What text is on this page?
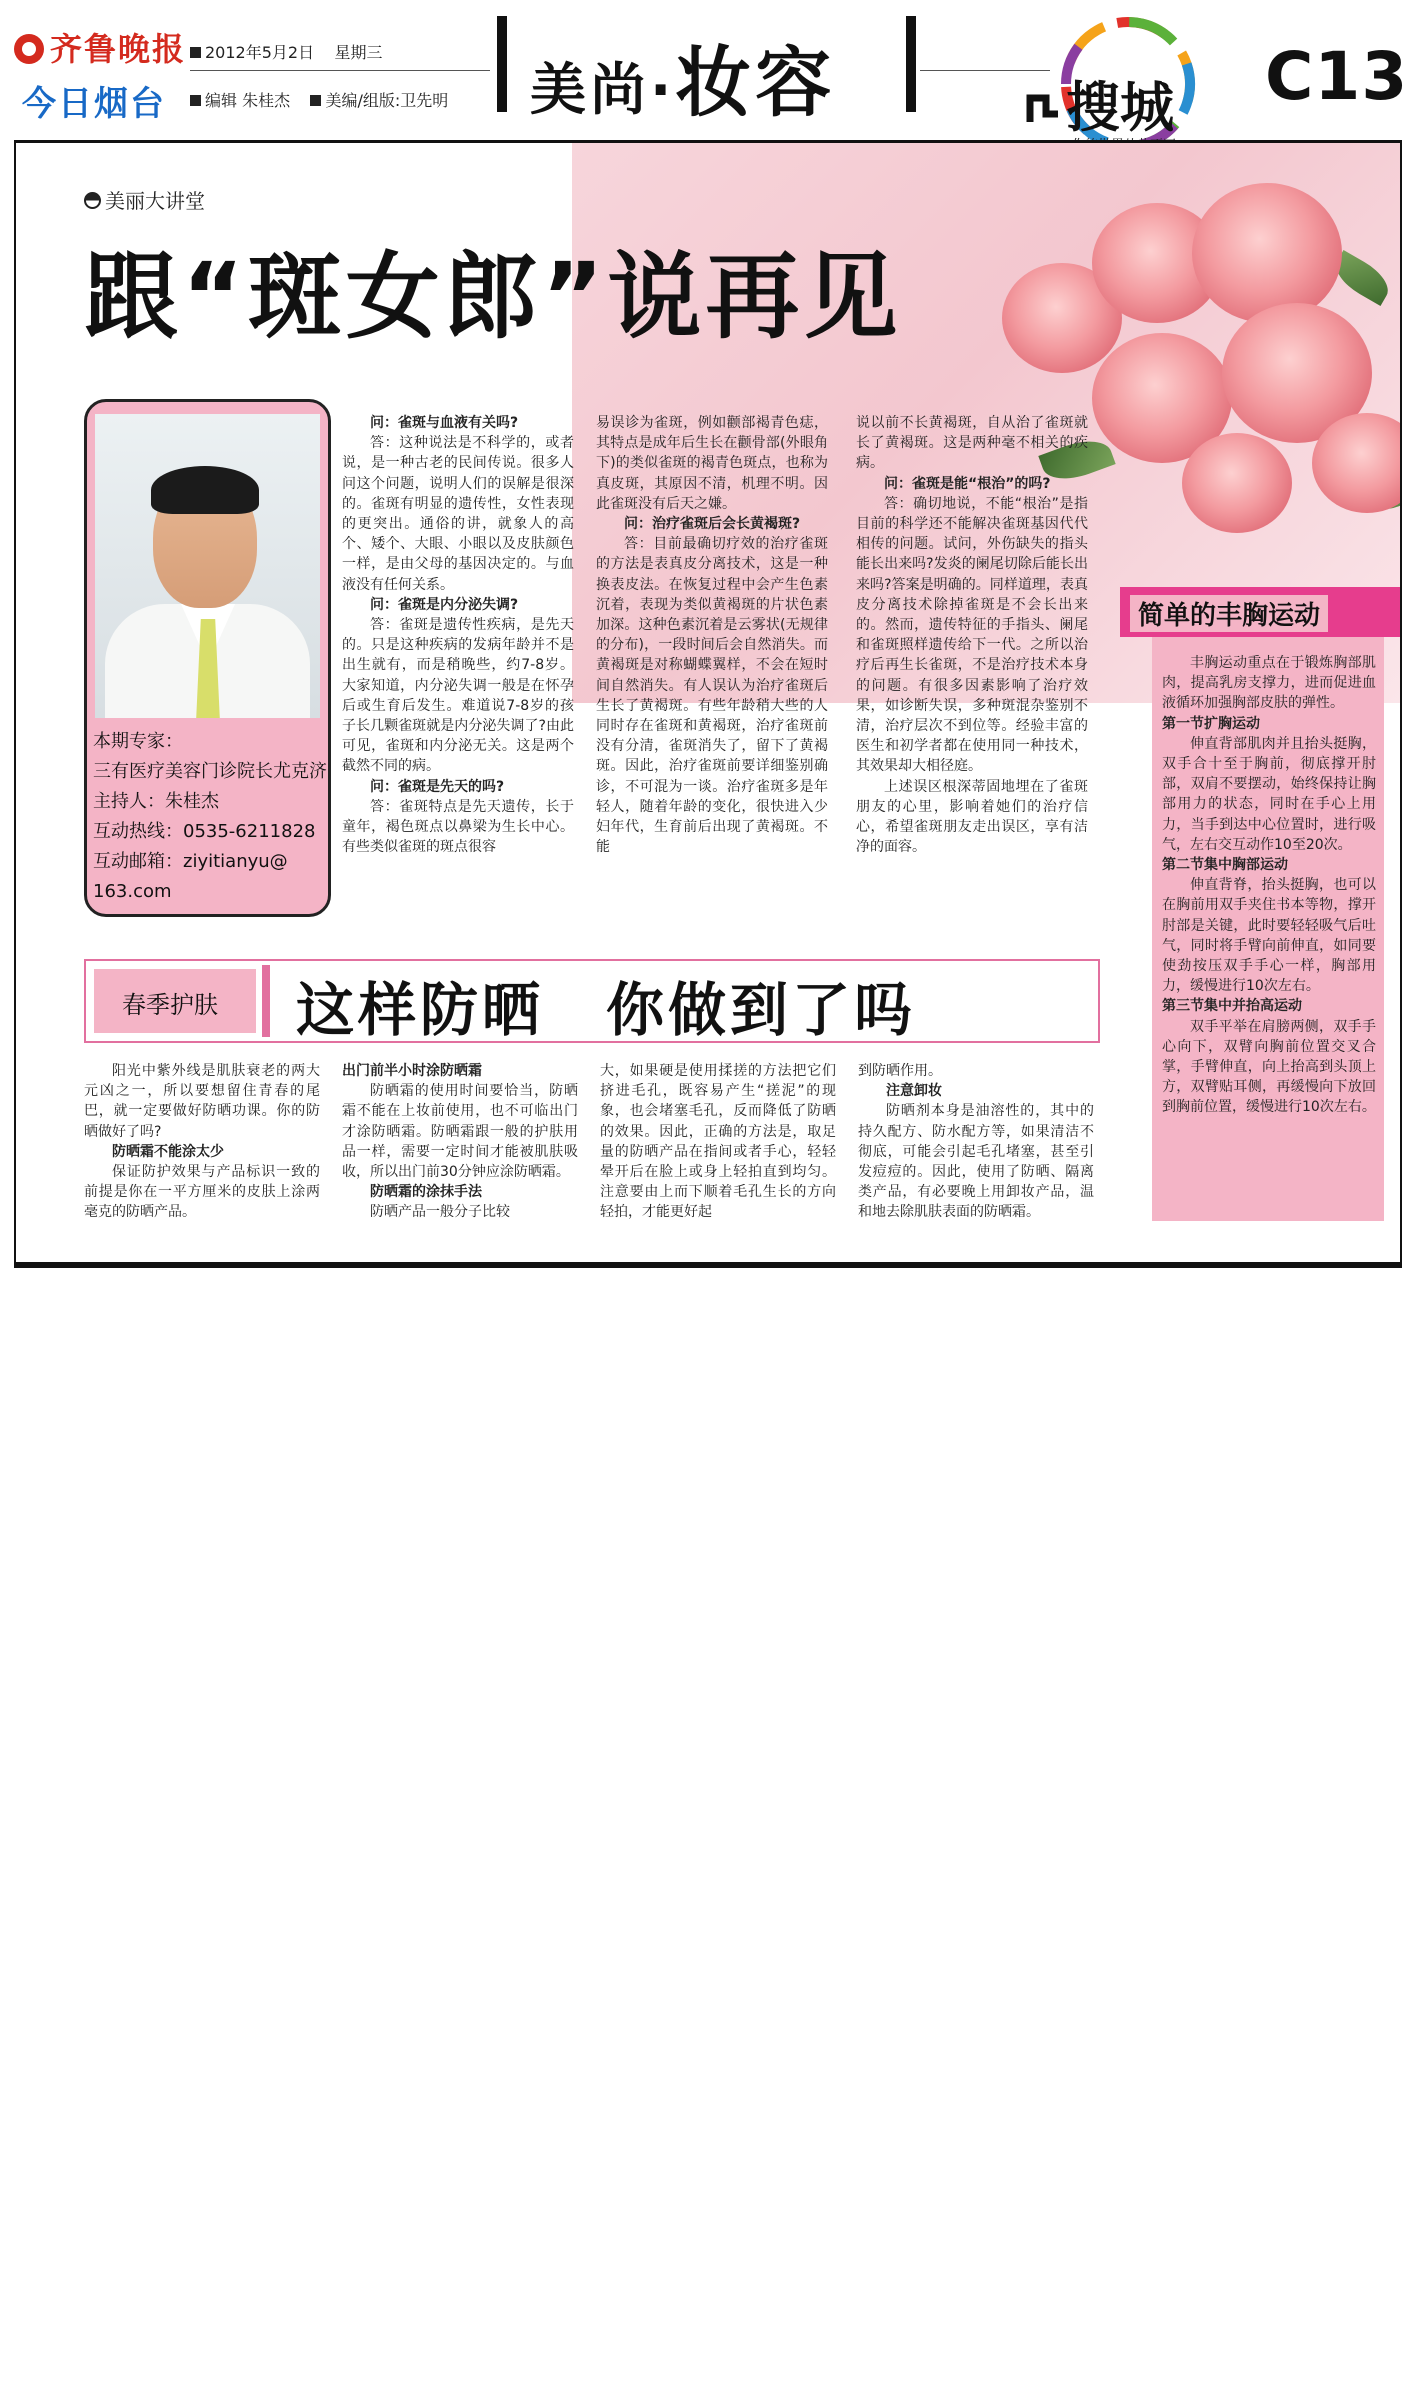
齐鲁晚报
今日烟台
2012年5月2日 星期三
编辑 朱桂杰 美编/组版:卫先明 美尚·妆容	搜城 C13
美丽大讲堂
跟“斑女郎”说再见
本期专家：
三有医疗美容门诊院长尤克济
主持人：朱桂杰
互动热线：0535-6211828
互动邮箱：ziyitianyu@
163.com

问：雀斑与血液有关吗?

答：这种说法是不科学的，或者说，是一种古老的民间传说。很多人问这个问题，说明人们的误解是很深的。雀斑有明显的遗传性，女性表现的更突出。通俗的讲，就象人的高个、矮个、大眼、小眼以及皮肤颜色一样，是由父母的基因决定的。与血液没有任何关系。

问：雀斑是内分泌失调?

答：雀斑是遗传性疾病，是先天的。只是这种疾病的发病年龄并不是出生就有，而是稍晚些，约7-8岁。大家知道，内分泌失调一般是在怀孕后或生育后发生。难道说7-8岁的孩子长几颗雀斑就是内分泌失调了?由此可见，雀斑和内分泌无关。这是两个截然不同的病。

问：雀斑是先天的吗?

答：雀斑特点是先天遗传，长于童年，褐色斑点以鼻梁为生长中心。有些类似雀斑的斑点很容

易误诊为雀斑，例如颧部褐青色痣，其特点是成年后生长在颧骨部(外眼角下)的类似雀斑的褐青色斑点，也称为真皮斑，其原因不清，机理不明。因此雀斑没有后天之嫌。

问：治疗雀斑后会长黄褐斑?

答：目前最确切疗效的治疗雀斑的方法是表真皮分离技术，这是一种换表皮法。在恢复过程中会产生色素沉着，表现为类似黄褐斑的片状色素加深。这种色素沉着是云雾状(无规律的分布)，一段时间后会自然消失。而黄褐斑是对称蝴蝶翼样，不会在短时间自然消失。有人误认为治疗雀斑后生长了黄褐斑。有些年龄稍大些的人同时存在雀斑和黄褐斑，治疗雀斑前没有分清，雀斑消失了，留下了黄褐斑。因此，治疗雀斑前要详细鉴别确诊，不可混为一谈。治疗雀斑多是年轻人，随着年龄的变化，很快进入少妇年代，生育前后出现了黄褐斑。不能

说以前不长黄褐斑，自从治了雀斑就长了黄褐斑。这是两种毫不相关的疾病。

问：雀斑是能“根治”的吗?

答：确切地说，不能“根治”是指目前的科学还不能解决雀斑基因代代相传的问题。试问，外伤缺失的指头能长出来吗?发炎的阑尾切除后能长出来吗?答案是明确的。同样道理，表真皮分离技术除掉雀斑是不会长出来的。然而，遗传特征的手指头、阑尾和雀斑照样遗传给下一代。之所以治疗后再生长雀斑，不是治疗技术本身的问题。有很多因素影响了治疗效果，如诊断失误，多种斑混杂鉴别不清，治疗层次不到位等。经验丰富的医生和初学者都在使用同一种技术，其效果却大相径庭。

上述误区根深蒂固地埋在了雀斑朋友的心里，影响着她们的治疗信心，希望雀斑朋友走出误区，享有洁净的面容。

简单的丰胸运动

丰胸运动重点在于锻炼胸部肌肉，提高乳房支撑力，进而促进血液循环加强胸部皮肤的弹性。

第一节扩胸运动

伸直背部肌肉并且抬头挺胸，双手合十至于胸前，彻底撑开肘部，双肩不要摆动，始终保持让胸部用力的状态，同时在手心上用力，当手到达中心位置时，进行吸气，左右交互动作10至20次。

第二节集中胸部运动

伸直背脊，抬头挺胸，也可以在胸前用双手夹住书本等物，撑开肘部是关键，此时要轻轻吸气后吐气，同时将手臂向前伸直，如同要使劲按压双手手心一样，胸部用力，缓慢进行10次左右。

第三节集中并抬高运动

双手平举在肩膀两侧，双手手心向下，双臂向胸前位置交叉合掌，手臂伸直，向上抬高到头顶上方，双臂贴耳侧，再缓慢向下放回到胸前位置，缓慢进行10次左右。

春季护肤 这样防晒　你做到了吗

阳光中紫外线是肌肤衰老的两大元凶之一，所以要想留住青春的尾巴，就一定要做好防晒功课。你的防晒做好了吗?

防晒霜不能涂太少

保证防护效果与产品标识一致的前提是你在一平方厘米的皮肤上涂两毫克的防晒产品。

出门前半小时涂防晒霜

防晒霜的使用时间要恰当，防晒霜不能在上妆前使用，也不可临出门才涂防晒霜。防晒霜跟一般的护肤用品一样，需要一定时间才能被肌肤吸收，所以出门前30分钟应涂防晒霜。

防晒霜的涂抹手法

防晒产品一般分子比较

大，如果硬是使用揉搓的方法把它们挤进毛孔，既容易产生“搓泥”的现象，也会堵塞毛孔，反而降低了防晒的效果。因此，正确的方法是，取足量的防晒产品在指间或者手心，轻轻晕开后在脸上或身上轻拍直到均匀。注意要由上而下顺着毛孔生长的方向轻拍，才能更好起

到防晒作用。

注意卸妆

防晒剂本身是油溶性的，其中的持久配方、防水配方等，如果清洁不彻底，可能会引起毛孔堵塞，甚至引发痘痘的。因此，使用了防晒、隔离类产品，有必要晚上用卸妆产品，温和地去除肌肤表面的防晒霜。
